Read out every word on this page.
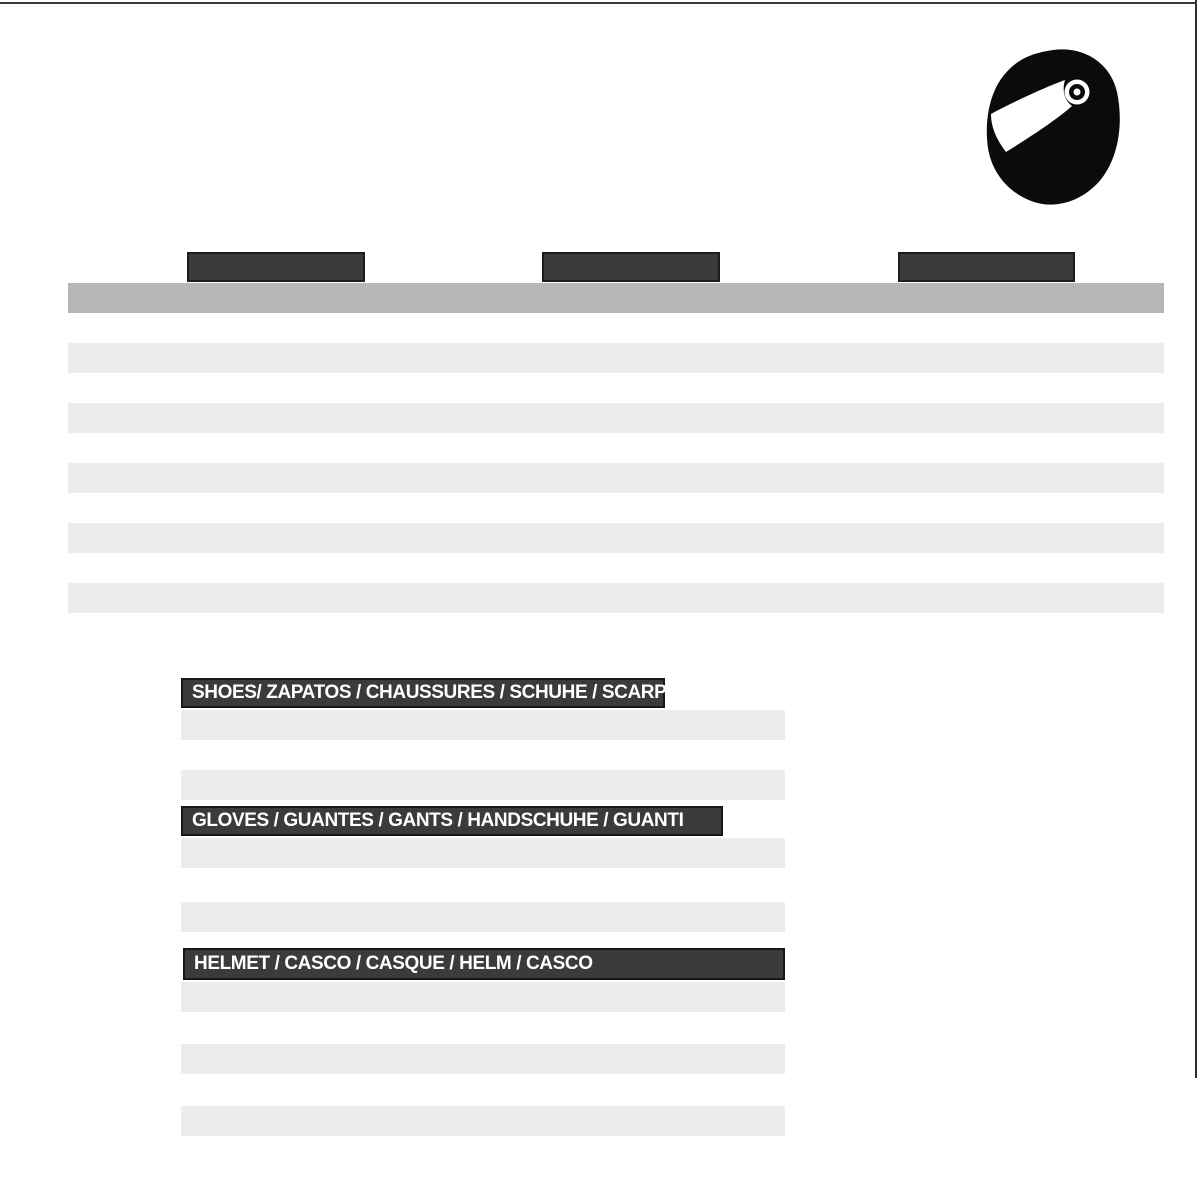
SHOES/ ZAPATOS / CHAUSSURES / SCHUHE / SCARPE
GLOVES / GUANTES / GANTS / HANDSCHUHE / GUANTI
HELMET / CASCO / CASQUE / HELM / CASCO
